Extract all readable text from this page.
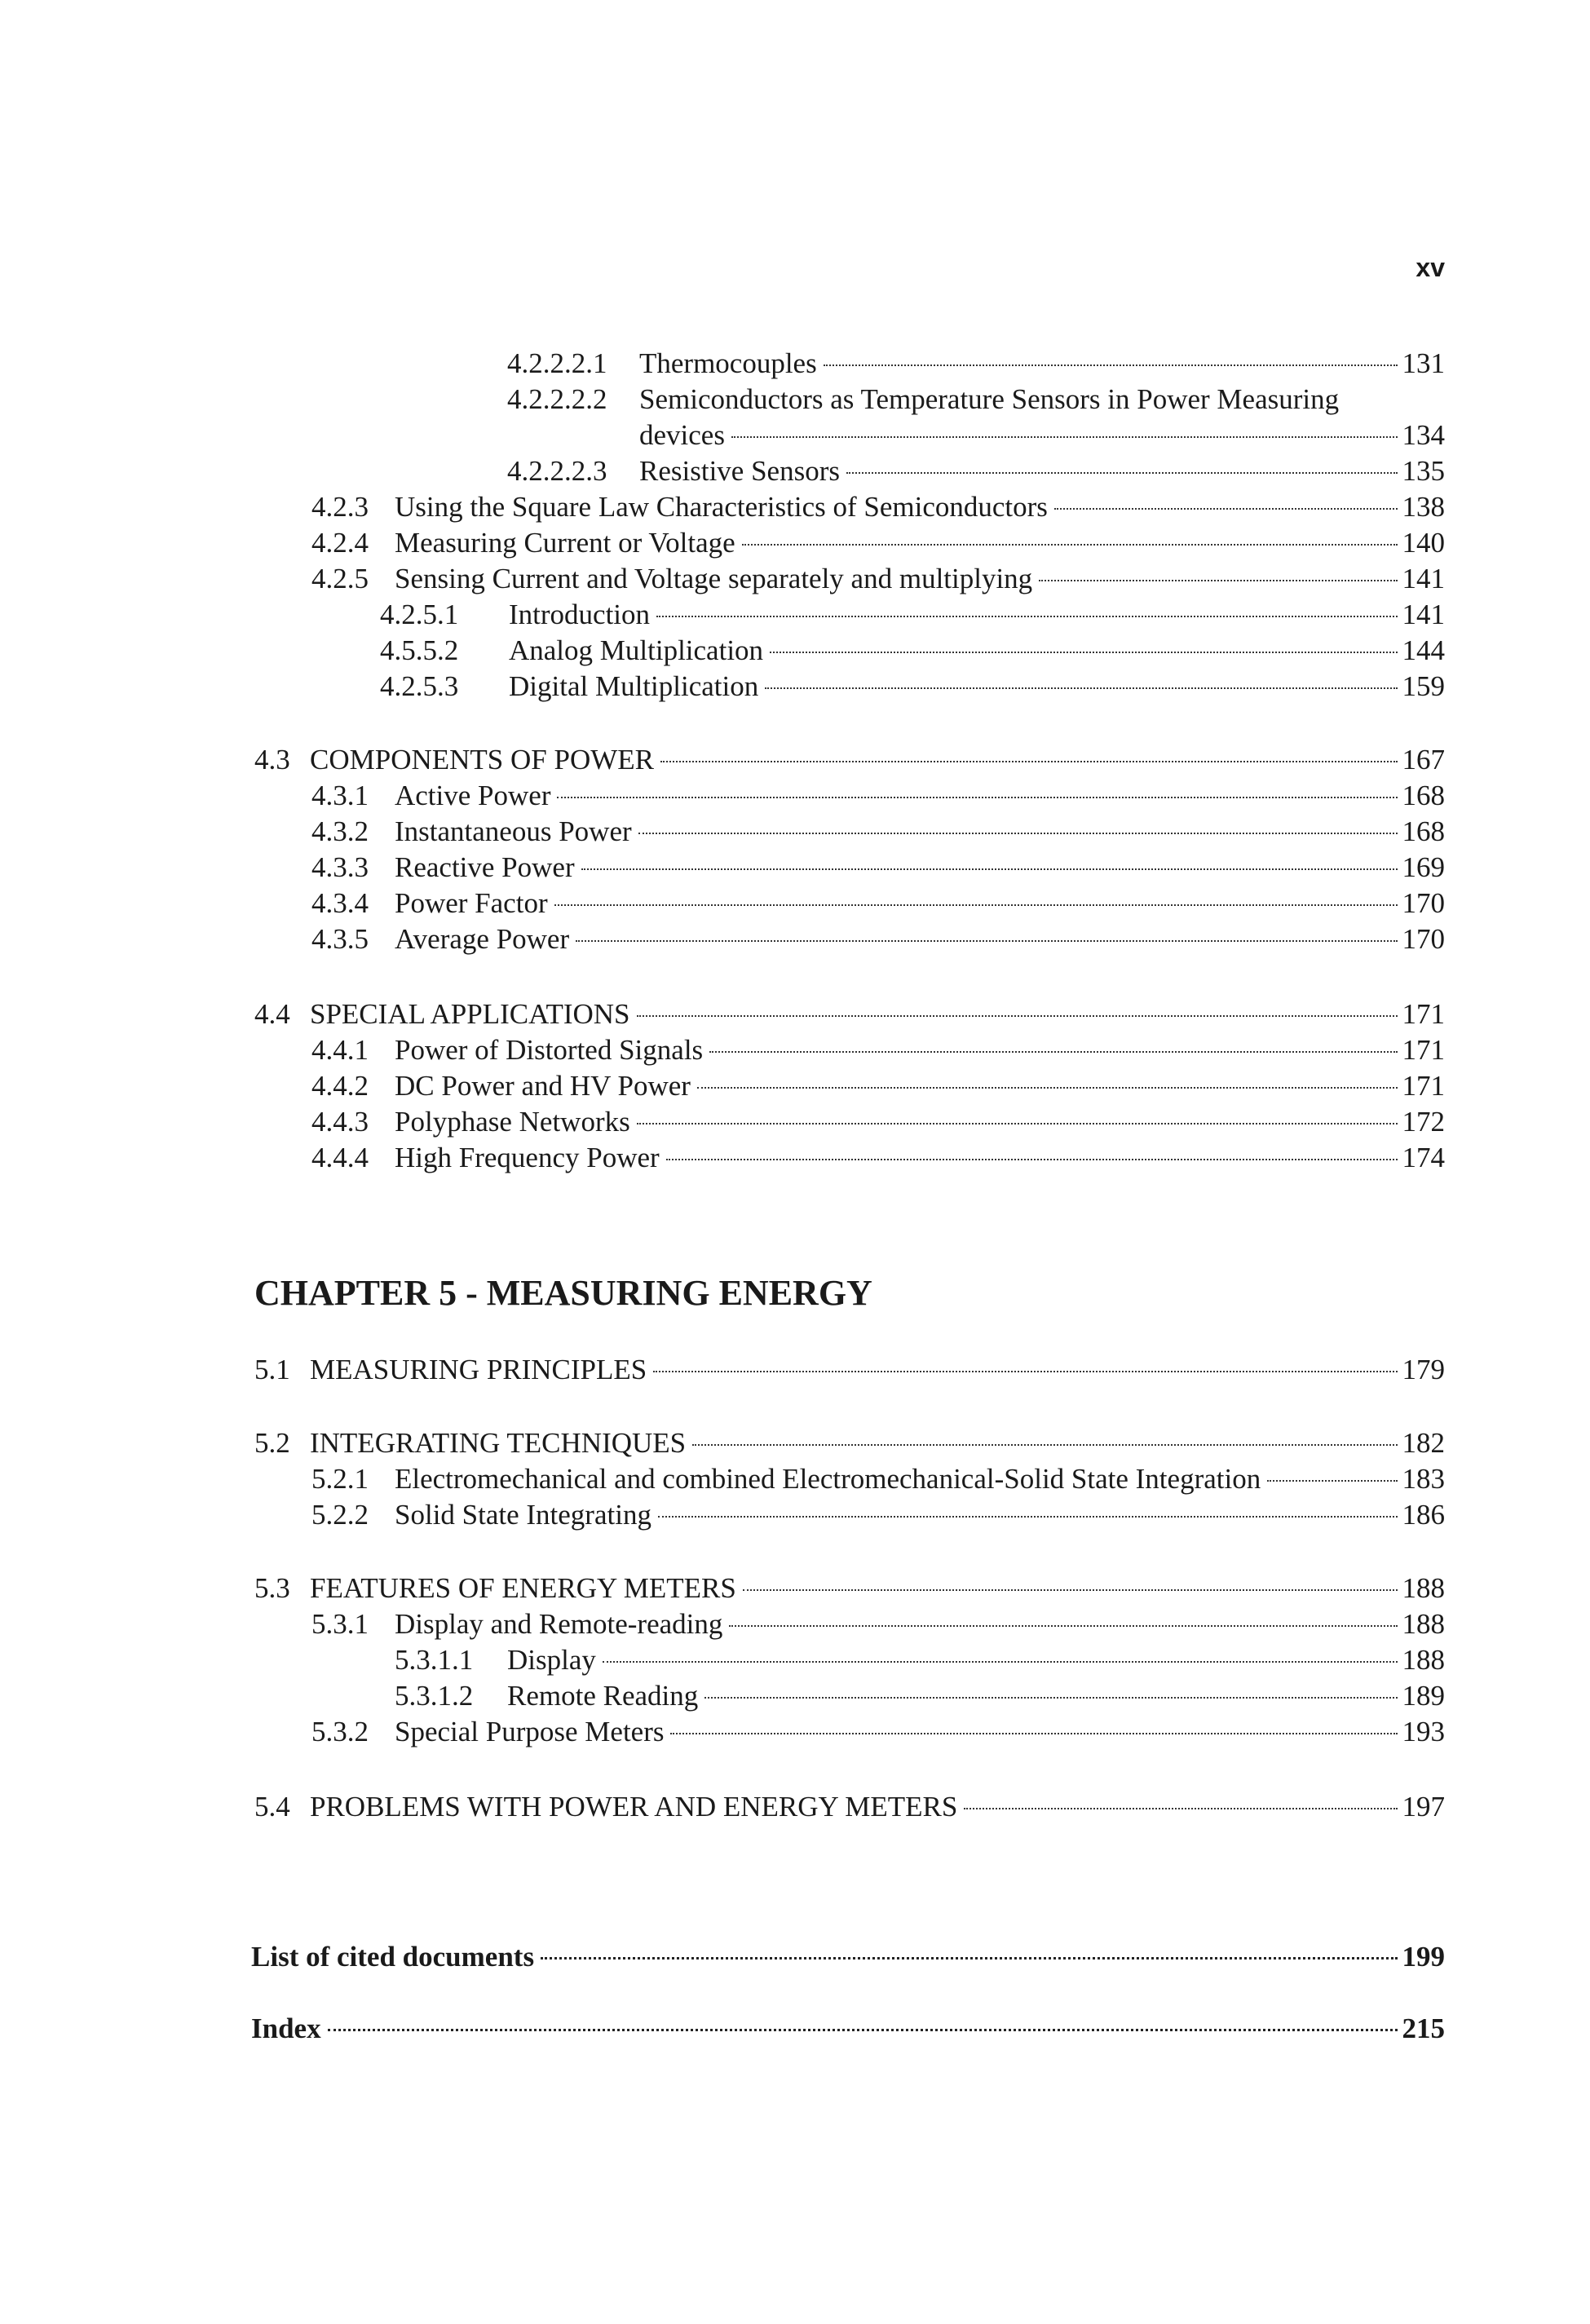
xv
4.2.2.2.1	Thermocouples	131
4.2.2.2.2	Semiconductors as Temperature Sensors in Power Measuring
devices	134
4.2.2.2.3	Resistive Sensors	135
4.2.3 Using the Square Law Characteristics of Semiconductors	138
4.2.4 Measuring Current or Voltage	140
4.2.5 Sensing Current and Voltage separately and multiplying	141
4.2.5.1	Introduction	141
4.5.5.2	Analog Multiplication	144
4.2.5.3	Digital Multiplication	159
4.3 COMPONENTS OF POWER	167
4.3.1 Active Power	168
4.3.2 Instantaneous Power	168
4.3.3 Reactive Power	169
4.3.4 Power Factor	170
4.3.5 Average Power	170
4.4 SPECIAL APPLICATIONS	171
4.4.1 Power of Distorted Signals	171
4.4.2 DC Power and HV Power	171
4.4.3 Polyphase Networks	172
4.4.4 High Frequency Power	174
CHAPTER 5 - MEASURING ENERGY
5.1 MEASURING PRINCIPLES	179
5.2 INTEGRATING TECHNIQUES	182
5.2.1 Electromechanical and combined Electromechanical-Solid State Integration	183
5.2.2 Solid State Integrating	186
5.3 FEATURES OF ENERGY METERS	188
5.3.1 Display and Remote-reading	188
5.3.1.1	Display	188
5.3.1.2	Remote Reading	189
5.3.2 Special Purpose Meters	193
5.4 PROBLEMS WITH POWER AND ENERGY METERS	197
List of cited documents	199
Index	215
